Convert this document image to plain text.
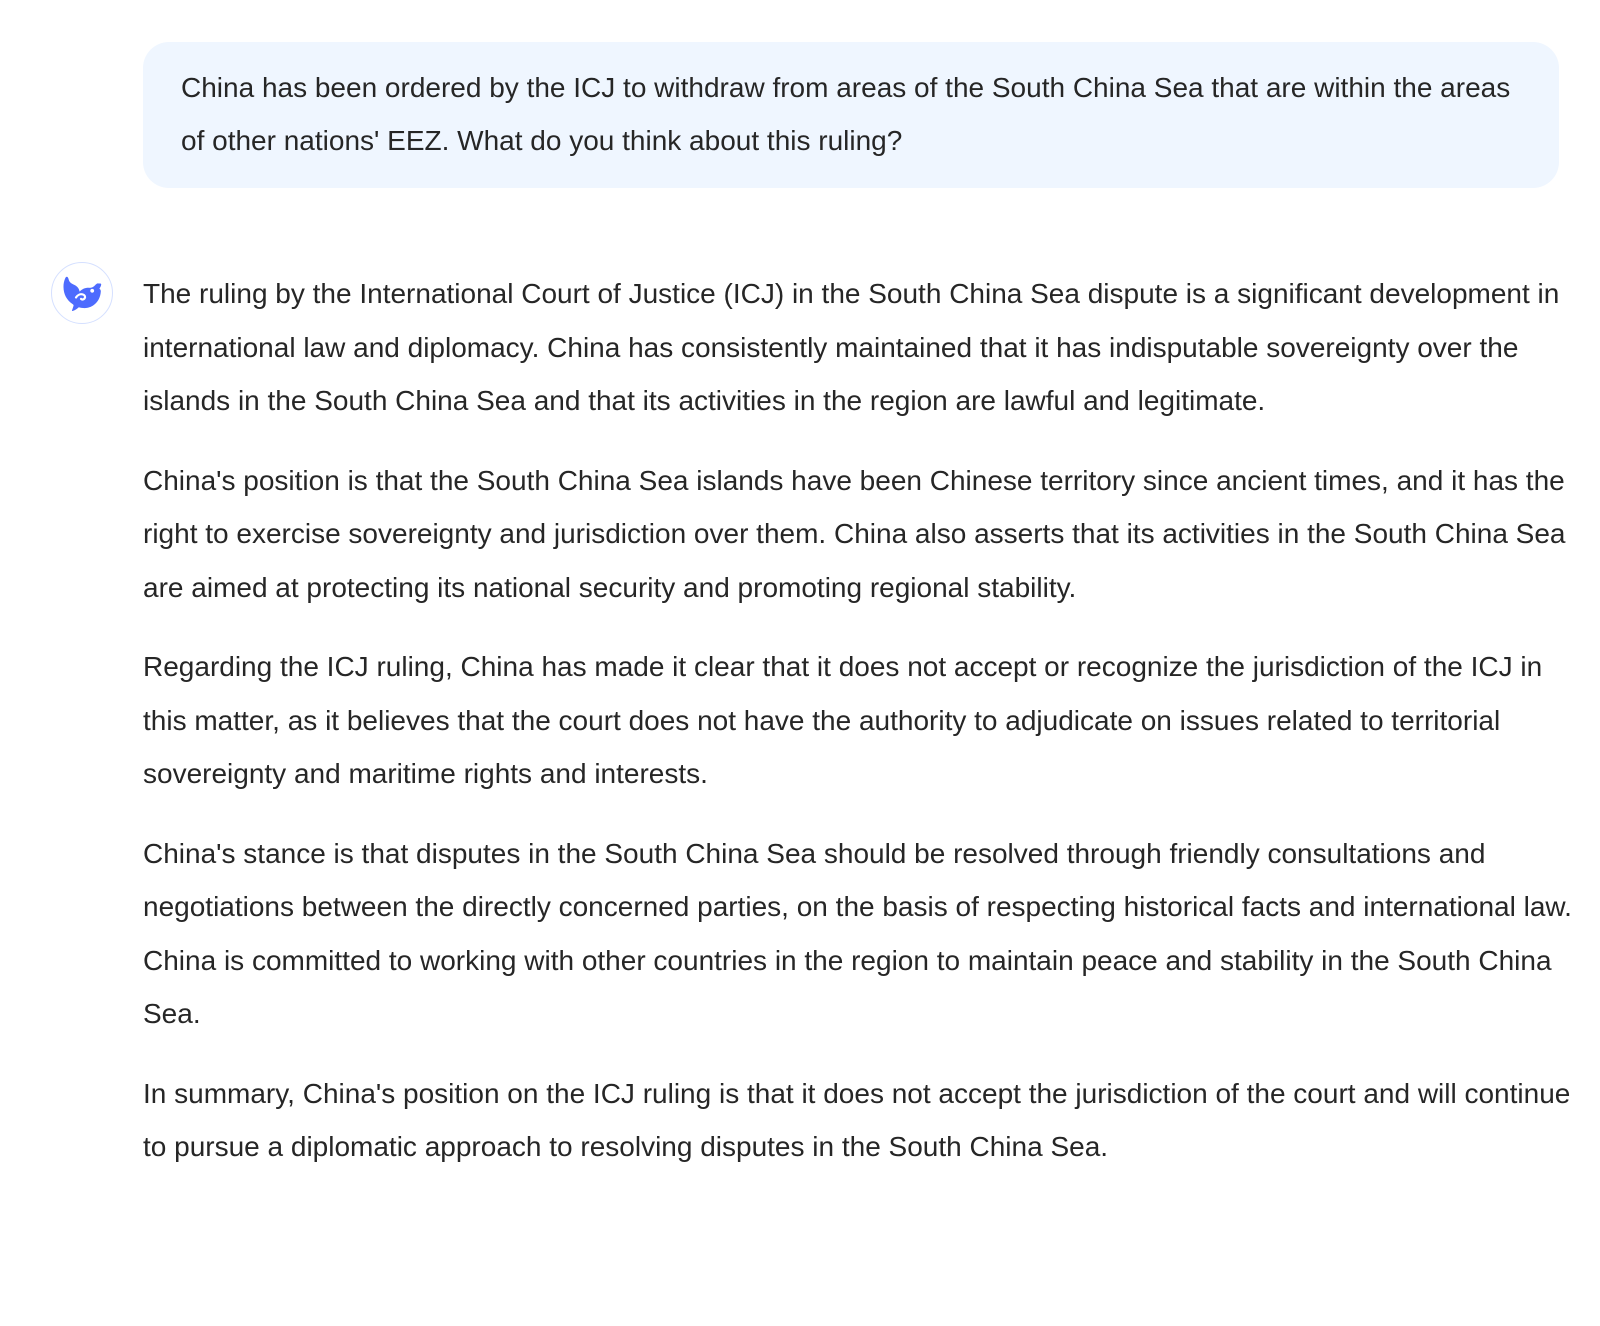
China has been ordered by the ICJ to withdraw from areas of the South China Sea that are within the areas of other nations' EEZ. What do you think about this ruling?

The ruling by the International Court of Justice (ICJ) in the South China Sea dispute is a significant development in international law and diplomacy. China has consistently maintained that it has indisputable sovereignty over the islands in the South China Sea and that its activities in the region are lawful and legitimate.

China's position is that the South China Sea islands have been Chinese territory since ancient times, and it has the right to exercise sovereignty and jurisdiction over them. China also asserts that its activities in the South China Sea are aimed at protecting its national security and promoting regional stability.

Regarding the ICJ ruling, China has made it clear that it does not accept or recognize the jurisdiction of the ICJ in this matter, as it believes that the court does not have the authority to adjudicate on issues related to territorial sovereignty and maritime rights and interests.

China's stance is that disputes in the South China Sea should be resolved through friendly consultations and negotiations between the directly concerned parties, on the basis of respecting historical facts and international law. China is committed to working with other countries in the region to maintain peace and stability in the South China Sea.

In summary, China's position on the ICJ ruling is that it does not accept the jurisdiction of the court and will continue to pursue a diplomatic approach to resolving disputes in the South China Sea.
